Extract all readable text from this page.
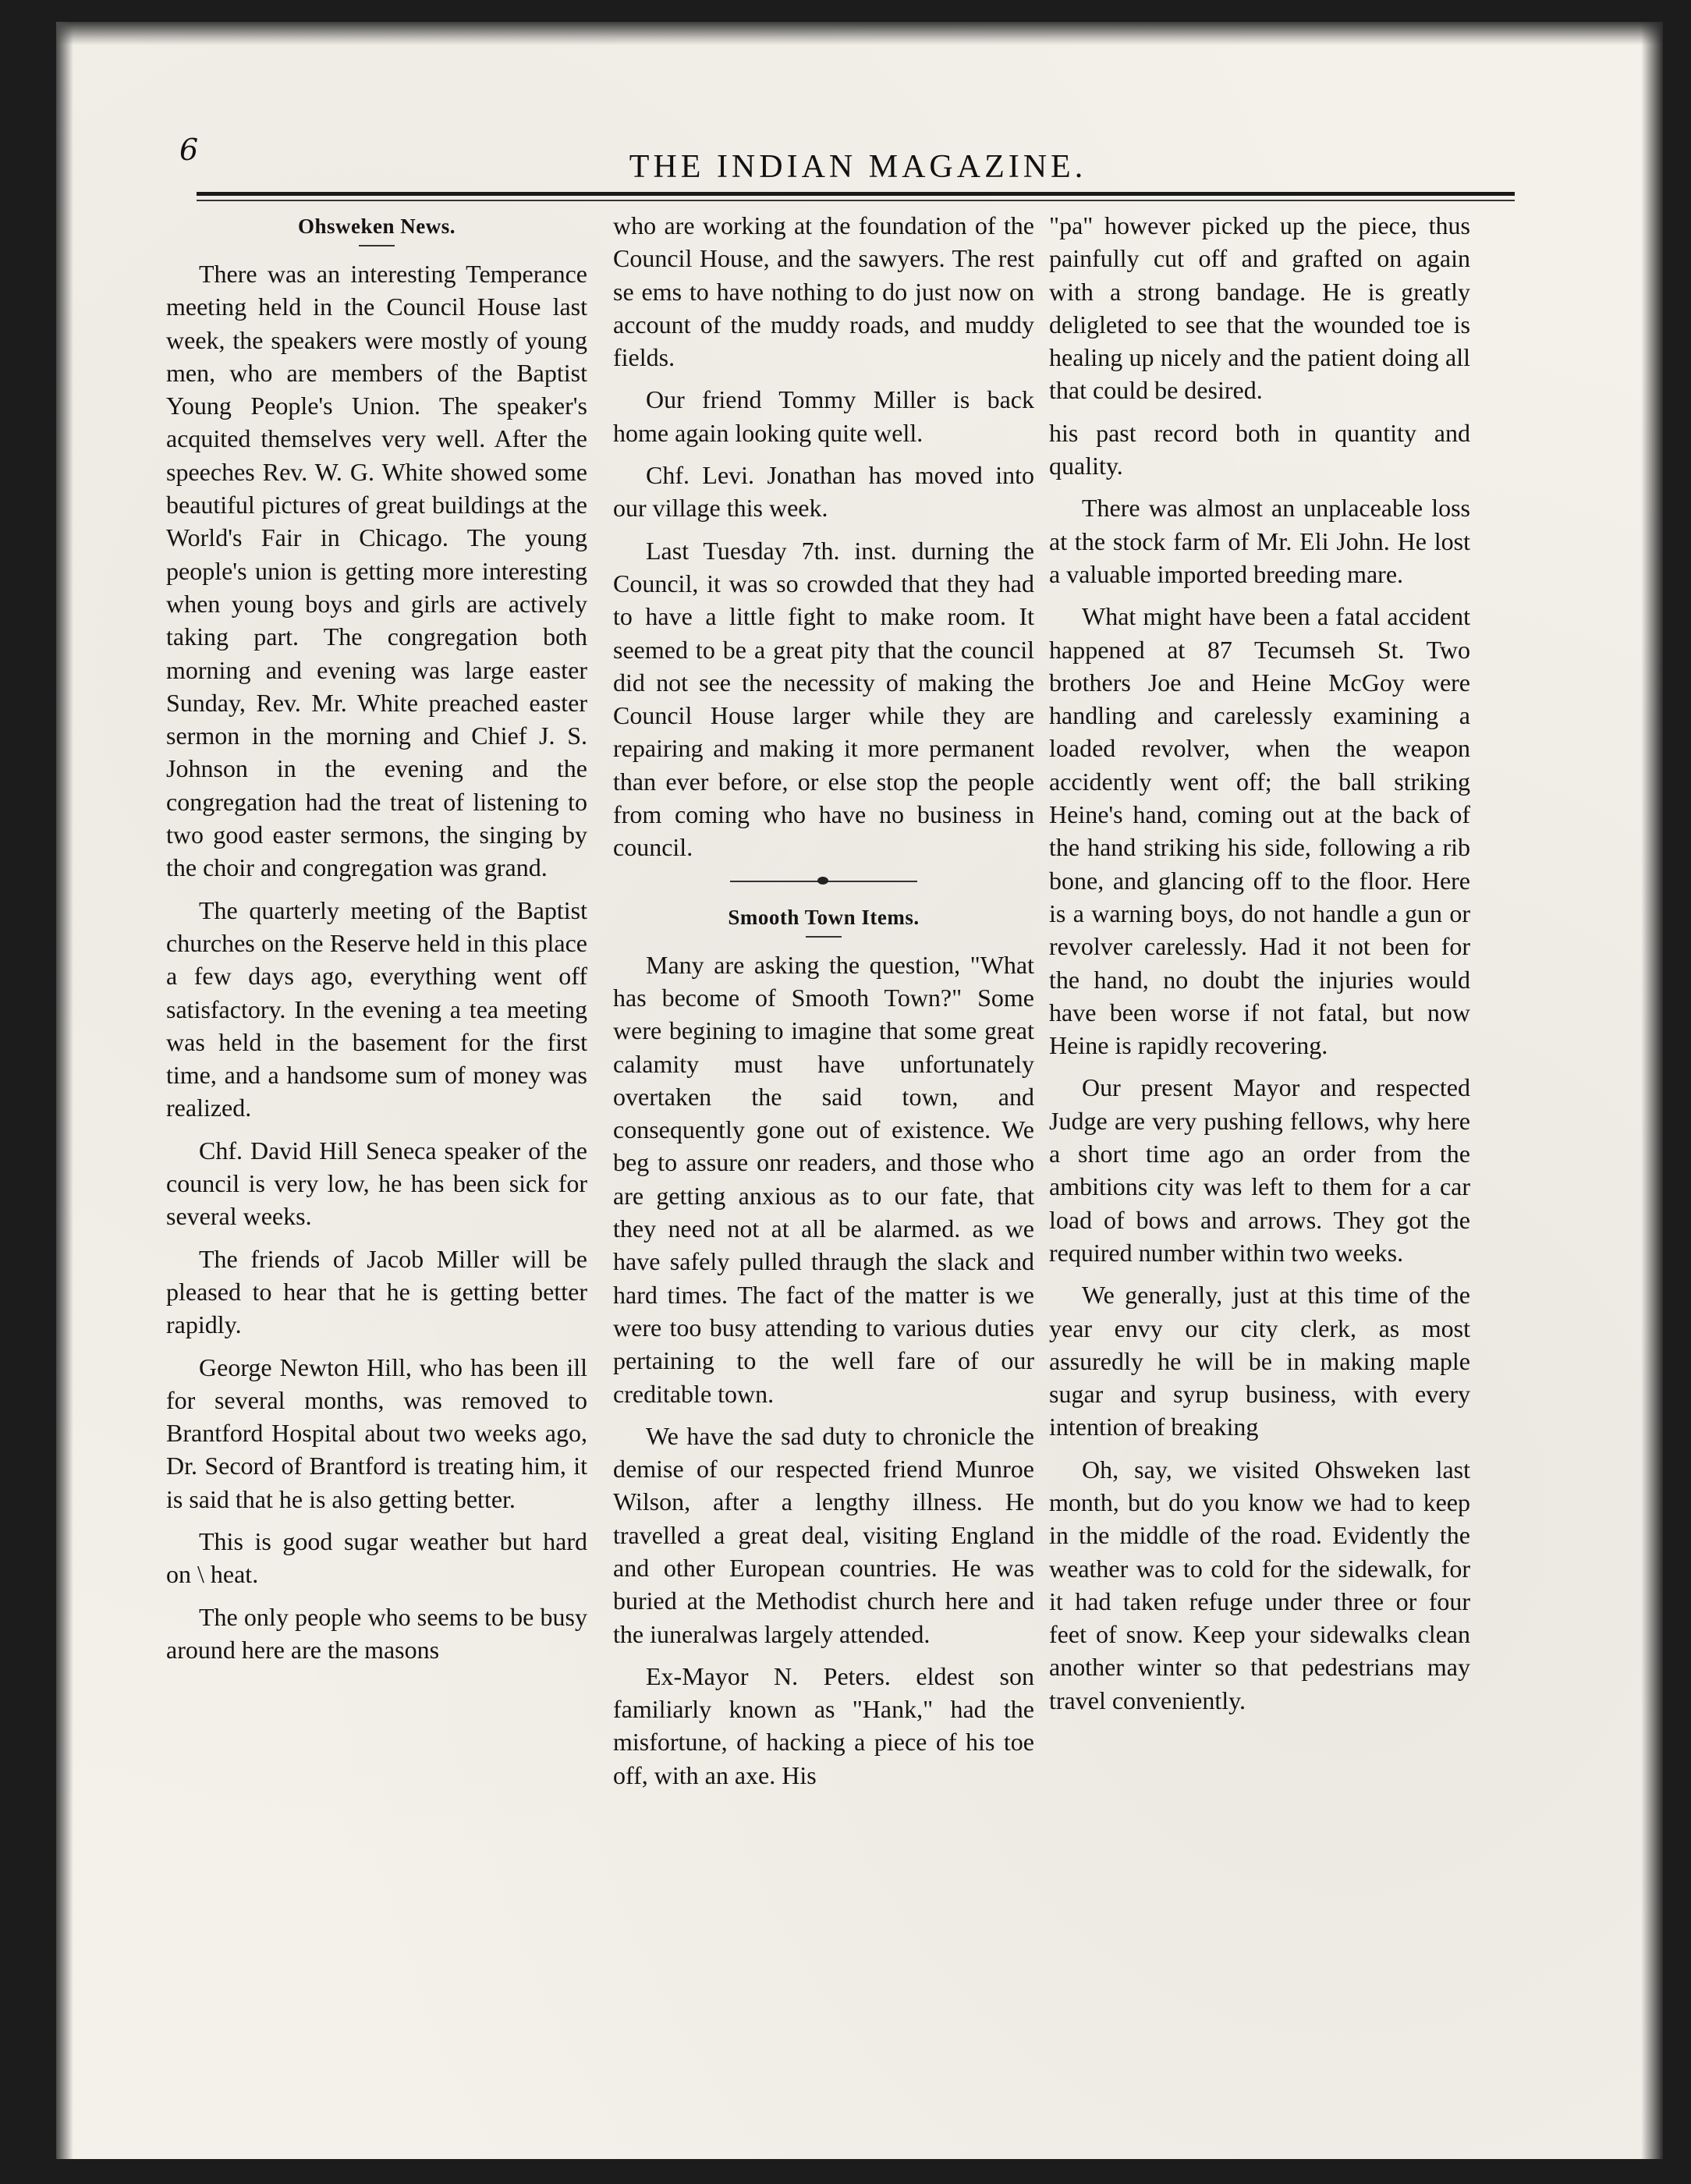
6	THE INDIAN MAGAZINE.
Ohsweken News.

There was an interesting Temperance meeting held in the Council House last week, the speakers were mostly of young men, who are members of the Baptist Young People's Union. The speaker's acquited themselves very well. After the speeches Rev. W. G. White showed some beautiful pictures of great buildings at the World's Fair in Chicago. The young people's union is getting more interesting when young boys and girls are actively taking part. The congregation both morning and evening was large easter Sunday, Rev. Mr. White preached easter sermon in the morning and Chief J. S. Johnson in the evening and the congregation had the treat of listening to two good easter sermons, the singing by the choir and congregation was grand.

The quarterly meeting of the Baptist churches on the Reserve held in this place a few days ago, everything went off satisfactory. In the evening a tea meeting was held in the basement for the first time, and a handsome sum of money was realized.

Chf. David Hill Seneca speaker of the council is very low, he has been sick for several weeks.

The friends of Jacob Miller will be pleased to hear that he is getting better rapidly.

George Newton Hill, who has been ill for several months, was removed to Brantford Hospital about two weeks ago, Dr. Secord of Brantford is treating him, it is said that he is also getting better.

This is good sugar weather but hard on \ heat.

The only people who seems to be busy around here are the masons

who are working at the foundation of the Council House, and the sawyers. The rest se ems to have nothing to do just now on account of the muddy roads, and muddy fields.

Our friend Tommy Miller is back home again looking quite well.

Chf. Levi. Jonathan has moved into our village this week.

Last Tuesday 7th. inst. durning the Council, it was so crowded that they had to have a little fight to make room. It seemed to be a great pity that the council did not see the necessity of making the Council House larger while they are repairing and making it more permanent than ever before, or else stop the people from coming who have no business in council.

Smooth Town Items.

Many are asking the question, "What has become of Smooth Town?" Some were begining to imagine that some great calamity must have unfortunately overtaken the said town, and consequently gone out of existence. We beg to assure onr readers, and those who are getting anxious as to our fate, that they need not at all be alarmed. as we have safely pulled thraugh the slack and hard times. The fact of the matter is we were too busy attending to various duties pertaining to the well fare of our creditable town.

We have the sad duty to chronicle the demise of our respected friend Munroe Wilson, after a lengthy illness. He travelled a great deal, visiting England and other European countries. He was buried at the Methodist church here and the iuneralwas largely attended.

Ex-Mayor N. Peters. eldest son familiarly known as "Hank," had the misfortune, of hacking a piece of his toe off, with an axe. His

"pa" however picked up the piece, thus painfully cut off and grafted on again with a strong bandage. He is greatly deligleted to see that the wounded toe is healing up nicely and the patient doing all that could be desired.

his past record both in quantity and quality.

There was almost an unplaceable loss at the stock farm of Mr. Eli John. He lost a valuable imported breeding mare.

What might have been a fatal accident happened at 87 Tecumseh St. Two brothers Joe and Heine McGoy were handling and carelessly examining a loaded revolver, when the weapon accidently went off; the ball striking Heine's hand, coming out at the back of the hand striking his side, following a rib bone, and glancing off to the floor. Here is a warning boys, do not handle a gun or revolver carelessly. Had it not been for the hand, no doubt the injuries would have been worse if not fatal, but now Heine is rapidly recovering.

Our present Mayor and respected Judge are very pushing fellows, why here a short time ago an order from the ambitions city was left to them for a car load of bows and arrows. They got the required number within two weeks.

We generally, just at this time of the year envy our city clerk, as most assuredly he will be in making maple sugar and syrup business, with every intention of breaking

Oh, say, we visited Ohsweken last month, but do you know we had to keep in the middle of the road. Evidently the weather was to cold for the sidewalk, for it had taken refuge under three or four feet of snow. Keep your sidewalks clean another winter so that pedestrians may travel conveniently.
